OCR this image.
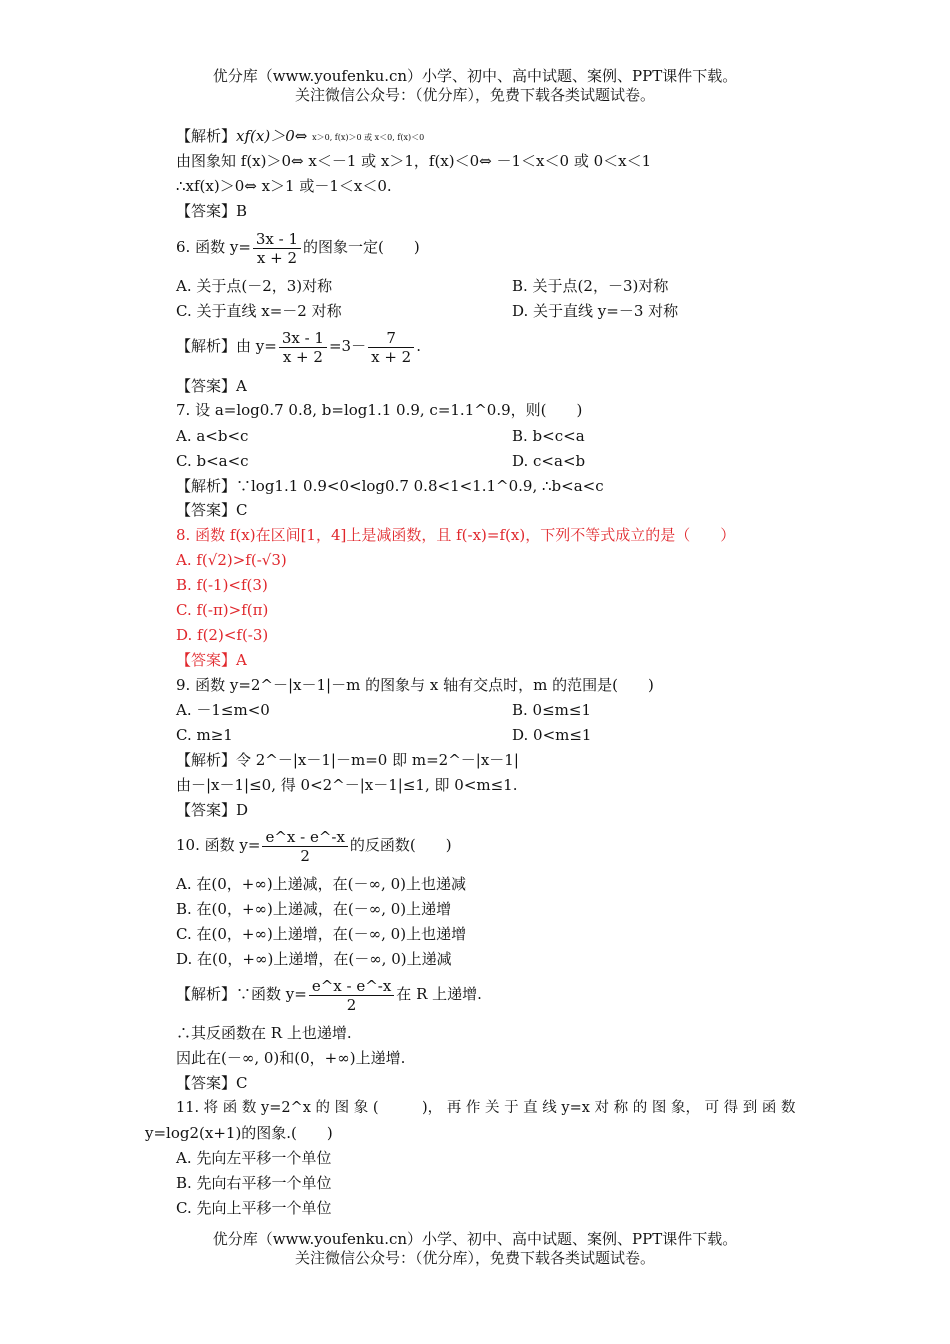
优分库（www.youfenku.cn）小学、初中、高中试题、案例、PPT课件下载。
关注微信公众号：（优分库），免费下载各类试题试卷。
【解析】xf(x)＞0⇔ x＞0, f(x)＞0 或 x＜0, f(x)＜0
由图象知 f(x)＞0⇔ x＜－1 或 x＞1，f(x)＜0⇔ －1＜x＜0 或 0＜x＜1
∴xf(x)＞0⇔ x＞1 或－1＜x＜0.
【答案】B
6. 函数 $y= \frac{3x - 1}{x + 2}$ 的图象一定(　　)
A. 关于点(－2，3)对称	B. 关于点(2，－3)对称
C. 关于直线 x=－2 对称	D. 关于直线 y=－3 对称
【解析】由 $y= \frac{3x - 1}{x + 2} =3- \frac{7}{x + 2}$ .
【答案】A
7. 设 a=log0.7 0.8, b=log1.1 0.9, c=1.1^0.9，则(　　)
A. a<b<c	B. b<c<a
C. b<a<c	D. c<a<b
【解析】∵log1.1 0.9<0<log0.7 0.8<1<1.1^0.9, ∴b<a<c
【答案】C
8. 函数 f(x)在区间[1，4]上是减函数，且 f(-x)=f(x)，下列不等式成立的是（　　）
A. f(√2)>f(-√3)
B. f(-1)<f(3)
C. f(-π)>f(π)
D. f(2)<f(-3)
【答案】A
9. 函数 y=2^－|x－1|－m 的图象与 x 轴有交点时，m 的范围是(　　)
A. －1≤m<0	B. 0≤m≤1
C. m≥1	D. 0<m≤1
【解析】令 2^－|x－1|－m=0 即 m=2^－|x－1|
由－|x－1|≤0, 得 0<2^－|x－1|≤1, 即 0<m≤1.
【答案】D
10. 函数 $y= \frac{e\^{}x - e\^{}-x}{2}$ 的反函数(　　)
A. 在(0，+∞)上递减，在(－∞, 0)上也递减
B. 在(0，+∞)上递减，在(－∞, 0)上递增
C. 在(0，+∞)上递增，在(－∞, 0)上也递增
D. 在(0，+∞)上递增，在(－∞, 0)上递减
【解析】∵函数 $y= \frac{e\^{}x - e\^{}-x}{2}$ 在 R 上递增.
∴其反函数在 R 上也递增.
因此在(－∞, 0)和(0，+∞)上递增.
【答案】C
11. 将 函 数 y=2^x 的 图 象 (　　　)， 再 作 关 于 直 线 y=x 对 称 的 图 象， 可 得 到 函 数
y=log2(x+1)的图象.(　　)
A. 先向左平移一个单位
B. 先向右平移一个单位
C. 先向上平移一个单位
优分库（www.youfenku.cn）小学、初中、高中试题、案例、PPT课件下载。
关注微信公众号：（优分库），免费下载各类试题试卷。
